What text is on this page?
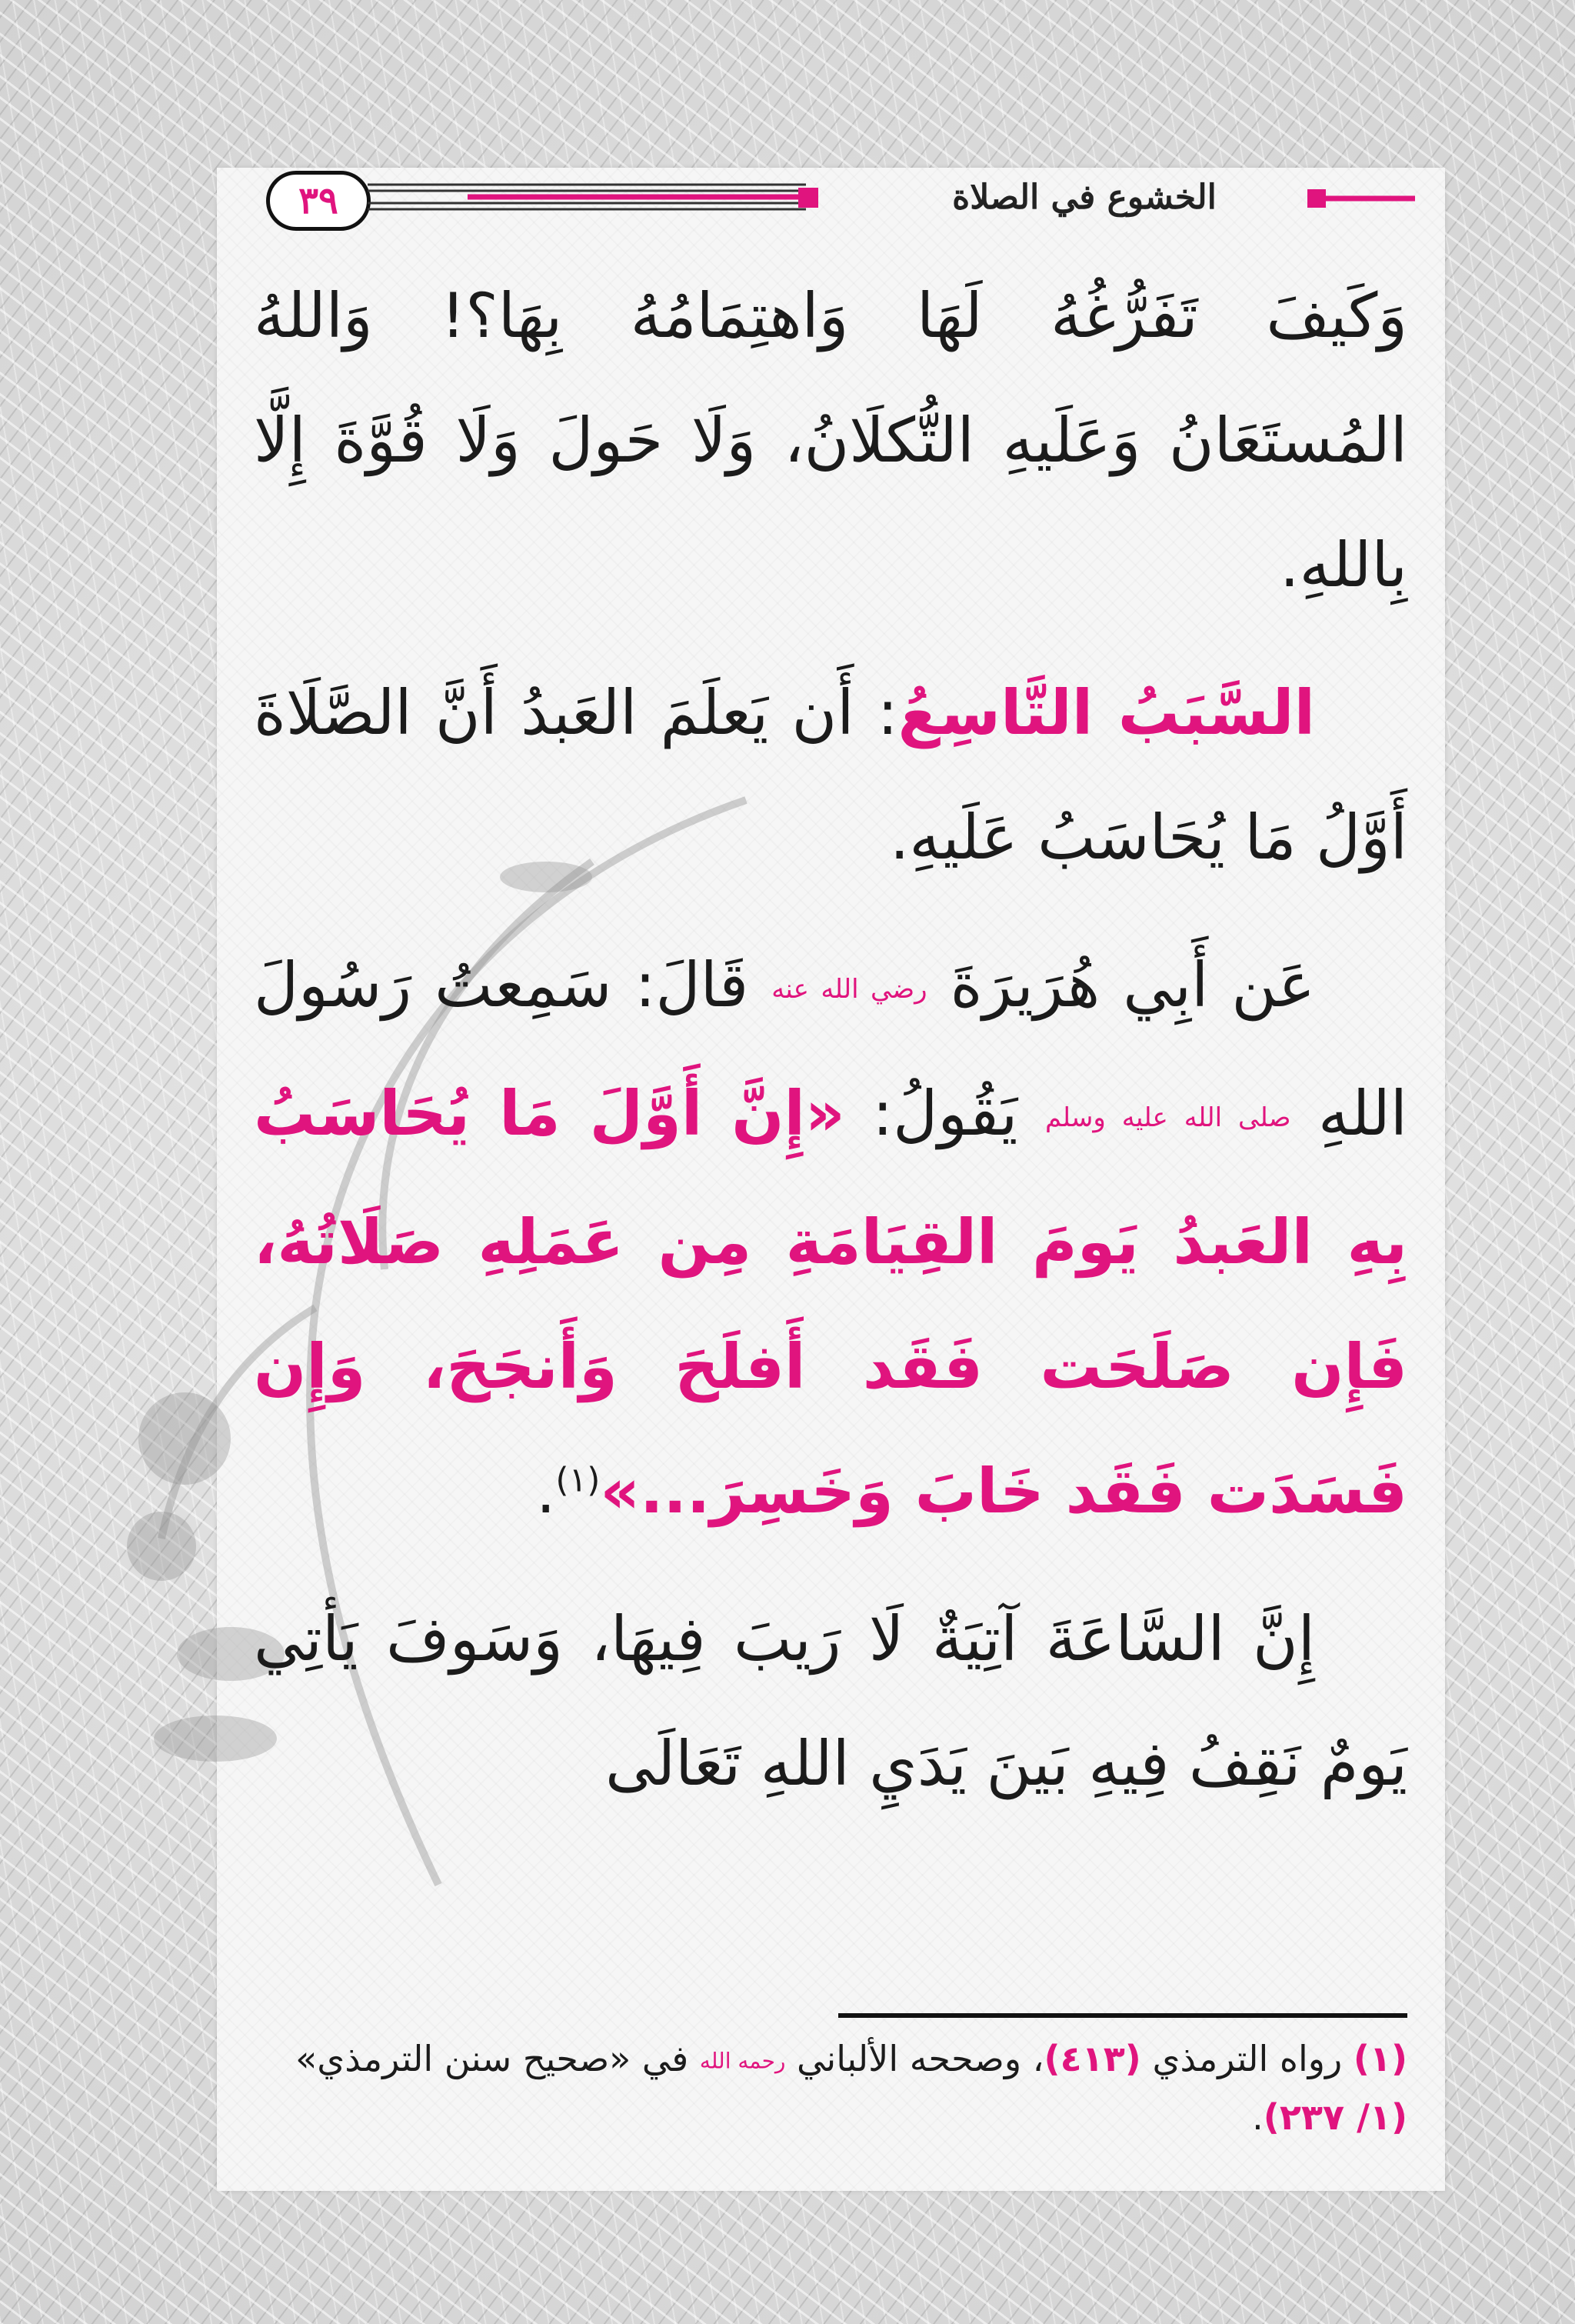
٣٩	الخشوع في الصلاة

وَكَيفَ تَفَرُّغُهُ لَهَا وَاهتِمَامُهُ بِهَا؟! وَاللهُ المُستَعَانُ وَعَلَيهِ التُّكلَانُ، وَلَا حَولَ وَلَا قُوَّةَ إِلَّا بِاللهِ.

السَّبَبُ التَّاسِعُ: أَن يَعلَمَ العَبدُ أَنَّ الصَّلَاةَ أَوَّلُ مَا يُحَاسَبُ عَلَيهِ.

عَن أَبِي هُرَيرَةَ رضي الله عنه قَالَ: سَمِعتُ رَسُولَ اللهِ صلى الله عليه وسلم يَقُولُ: «إِنَّ أَوَّلَ مَا يُحَاسَبُ بِهِ العَبدُ يَومَ القِيَامَةِ مِن عَمَلِهِ صَلَاتُهُ، فَإِن صَلَحَت فَقَد أَفلَحَ وَأَنجَحَ، وَإِن فَسَدَت فَقَد خَابَ وَخَسِرَ...»$^{(١)}$.

إِنَّ السَّاعَةَ آتِيَةٌ لَا رَيبَ فِيهَا، وَسَوفَ يَأتِي يَومٌ نَقِفُ فِيهِ بَينَ يَدَيِ اللهِ تَعَالَى

(١) رواه الترمذي (٤١٣)، وصححه الألباني رحمه الله في «صحيح سنن الترمذي» (١/ ٢٣٧).
